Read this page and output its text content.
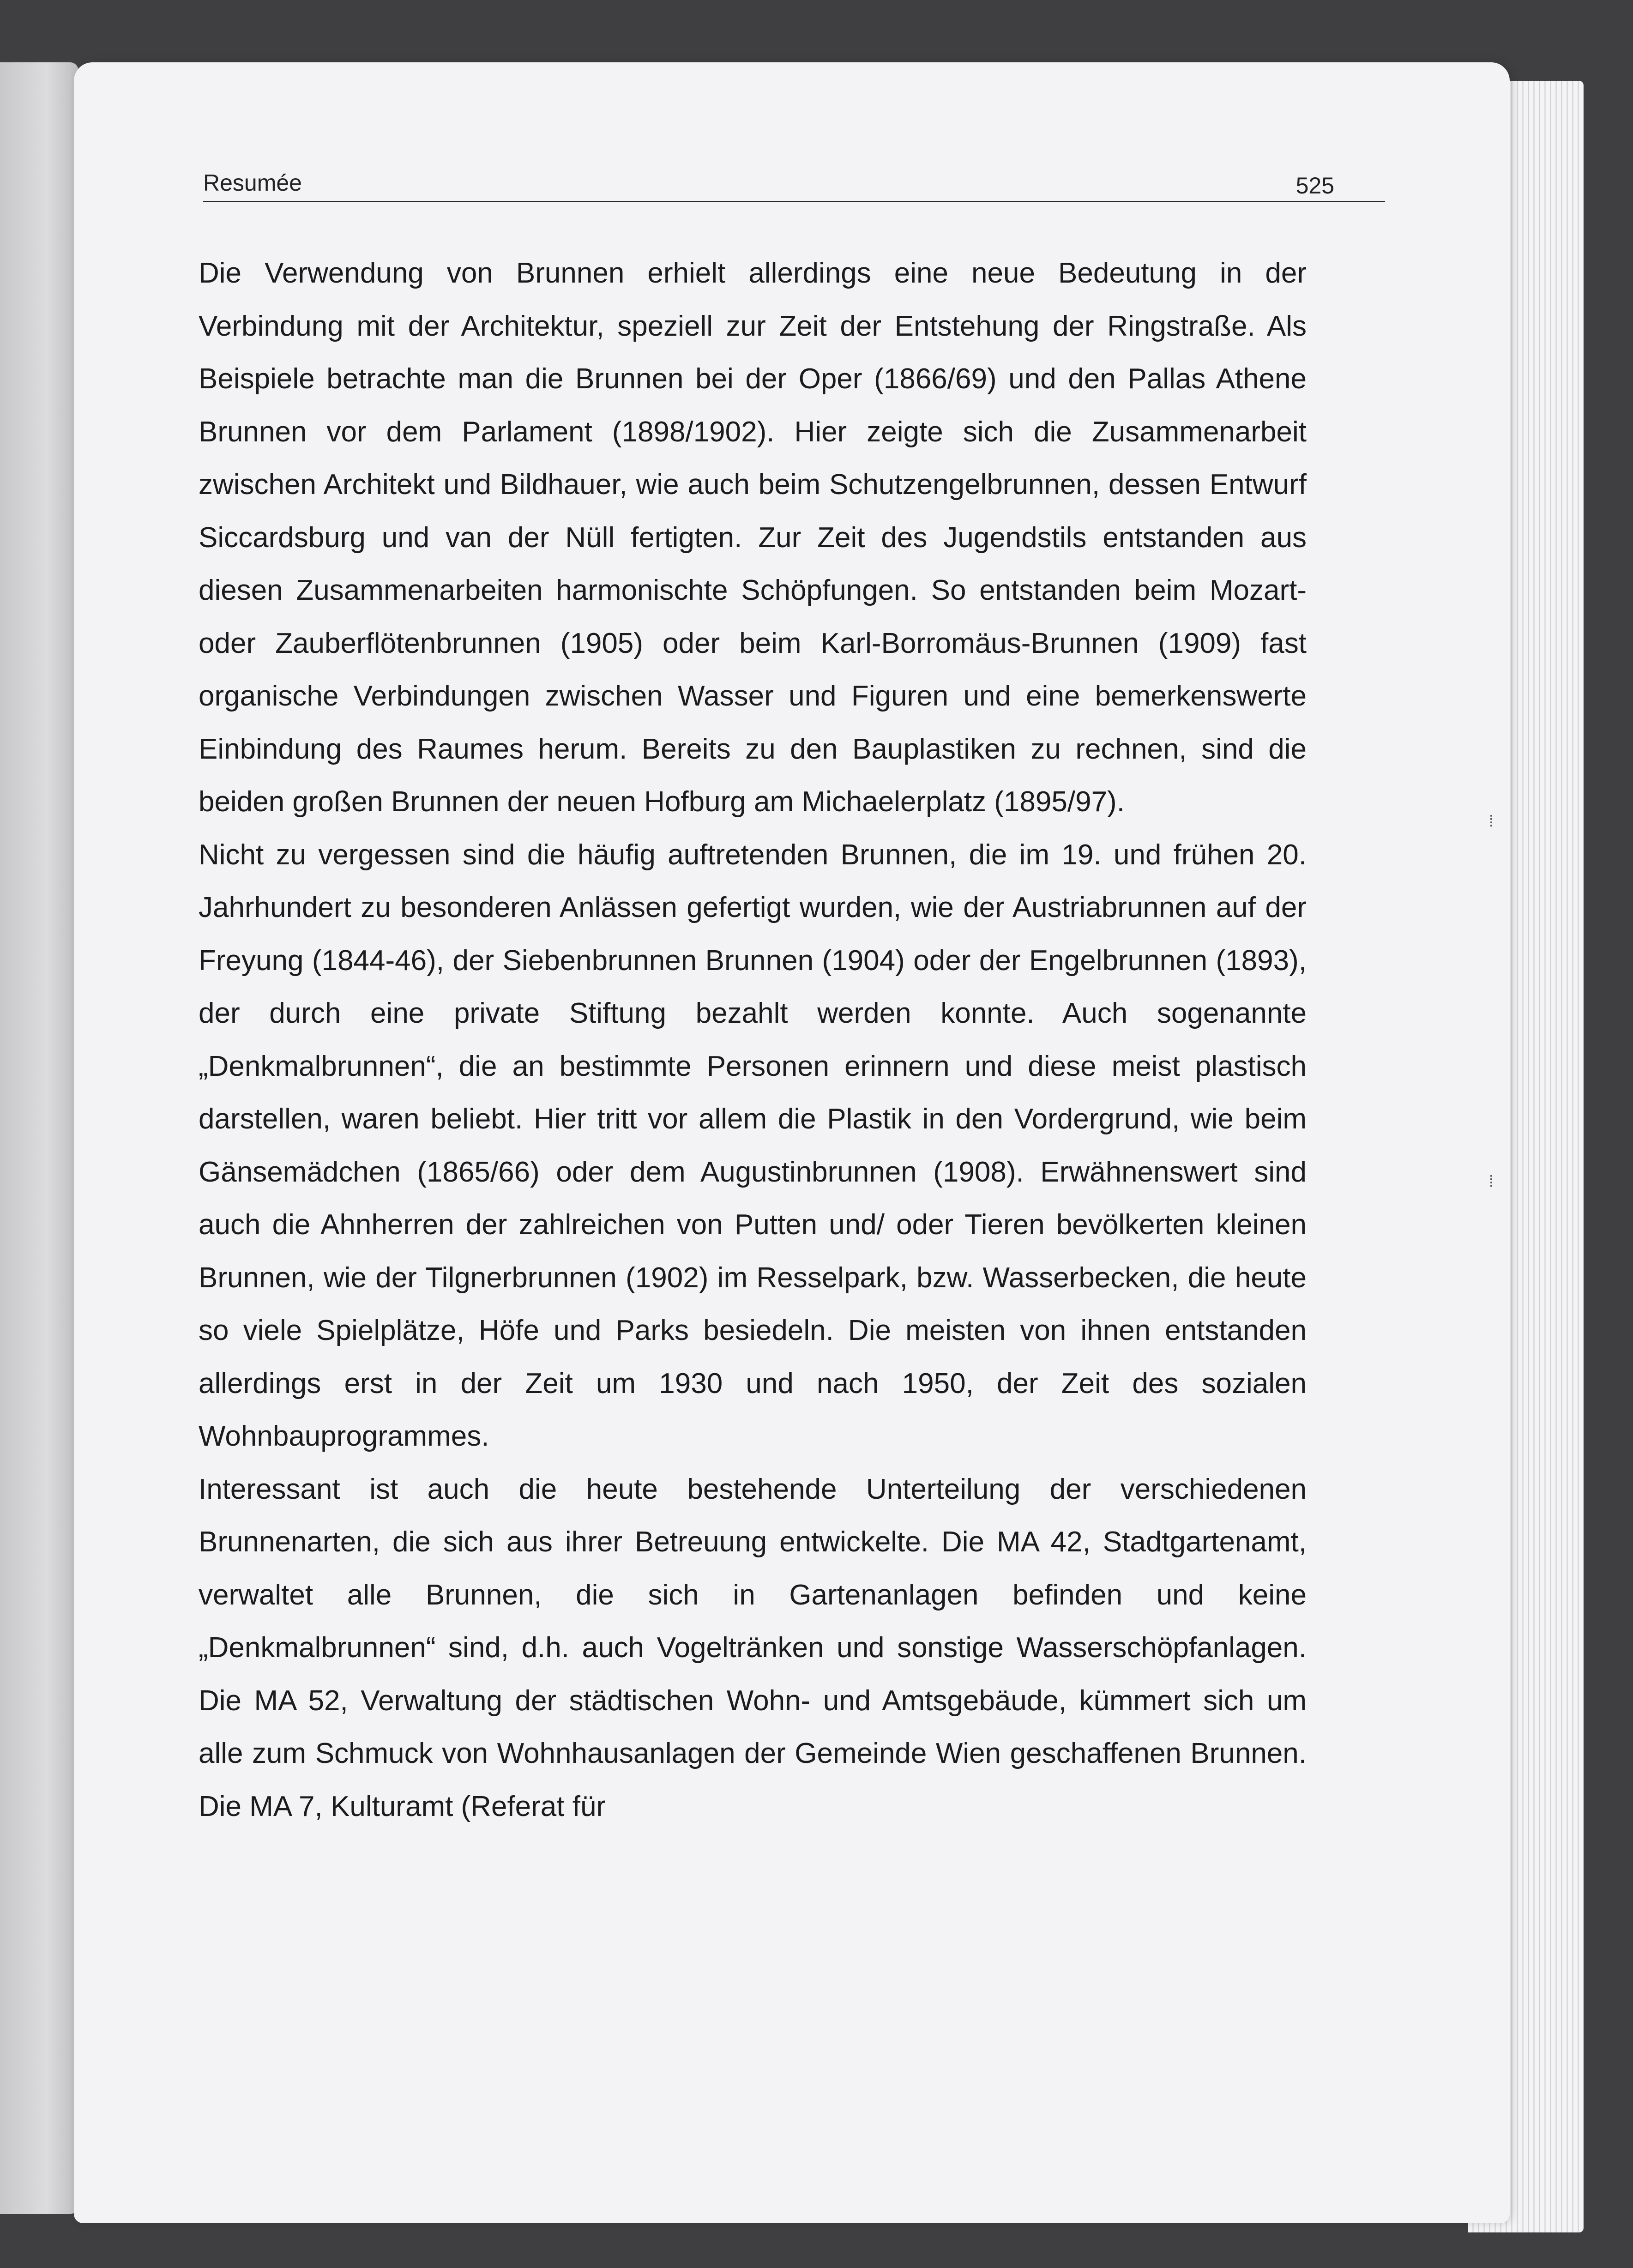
Resumée	525

Die Verwendung von Brunnen erhielt allerdings eine neue Bedeutung in der Verbindung mit der Architektur, speziell zur Zeit der Entstehung der Ringstraße. Als Beispiele betrachte man die Brunnen bei der Oper (1866/69) und den Pallas Athene Brunnen vor dem Parlament (1898/1902). Hier zeigte sich die Zusammenarbeit zwischen Architekt und Bildhauer, wie auch beim Schutzengelbrunnen, dessen Entwurf Siccardsburg und van der Nüll fertigten. Zur Zeit des Jugendstils entstanden aus diesen Zusammenarbeiten harmonischte Schöpfungen. So entstanden beim Mozart- oder Zauberflötenbrunnen (1905) oder beim Karl-Borromäus-Brunnen (1909) fast organische Verbindungen zwischen Wasser und Figuren und eine bemerkenswerte Einbindung des Raumes herum. Bereits zu den Bauplastiken zu rechnen, sind die beiden großen Brunnen der neuen Hofburg am Michaelerplatz (1895/97).

Nicht zu vergessen sind die häufig auftretenden Brunnen, die im 19. und frühen 20. Jahrhundert zu besonderen Anlässen gefertigt wurden, wie der Austriabrunnen auf der Freyung (1844-46), der Siebenbrunnen Brunnen (1904) oder der Engelbrunnen (1893), der durch eine private Stiftung bezahlt werden konnte. Auch sogenannte „Denkmalbrunnen“, die an bestimmte Personen erinnern und diese meist plastisch darstellen, waren beliebt. Hier tritt vor allem die Plastik in den Vordergrund, wie beim Gänsemädchen (1865/66) oder dem Augustinbrunnen (1908). Erwähnenswert sind auch die Ahnherren der zahlreichen von Putten und/ oder Tieren bevölkerten kleinen Brunnen, wie der Tilgnerbrunnen (1902) im Resselpark, bzw. Wasserbecken, die heute so viele Spielplätze, Höfe und Parks besiedeln. Die meisten von ihnen entstanden allerdings erst in der Zeit um 1930 und nach 1950, der Zeit des sozialen Wohnbauprogrammes.

Interessant ist auch die heute bestehende Unterteilung der verschiedenen Brunnenarten, die sich aus ihrer Betreuung entwickelte. Die MA 42, Stadtgartenamt, verwaltet alle Brunnen, die sich in Gartenanlagen befinden und keine „Denkmalbrunnen“ sind, d.h. auch Vogeltränken und sonstige Wasserschöpfanlagen. Die MA 52, Verwaltung der städtischen Wohn- und Amtsgebäude, kümmert sich um alle zum Schmuck von Wohnhausanlagen der Gemeinde Wien geschaffenen Brunnen. Die MA 7, Kulturamt (Referat für

⁞
⁞
